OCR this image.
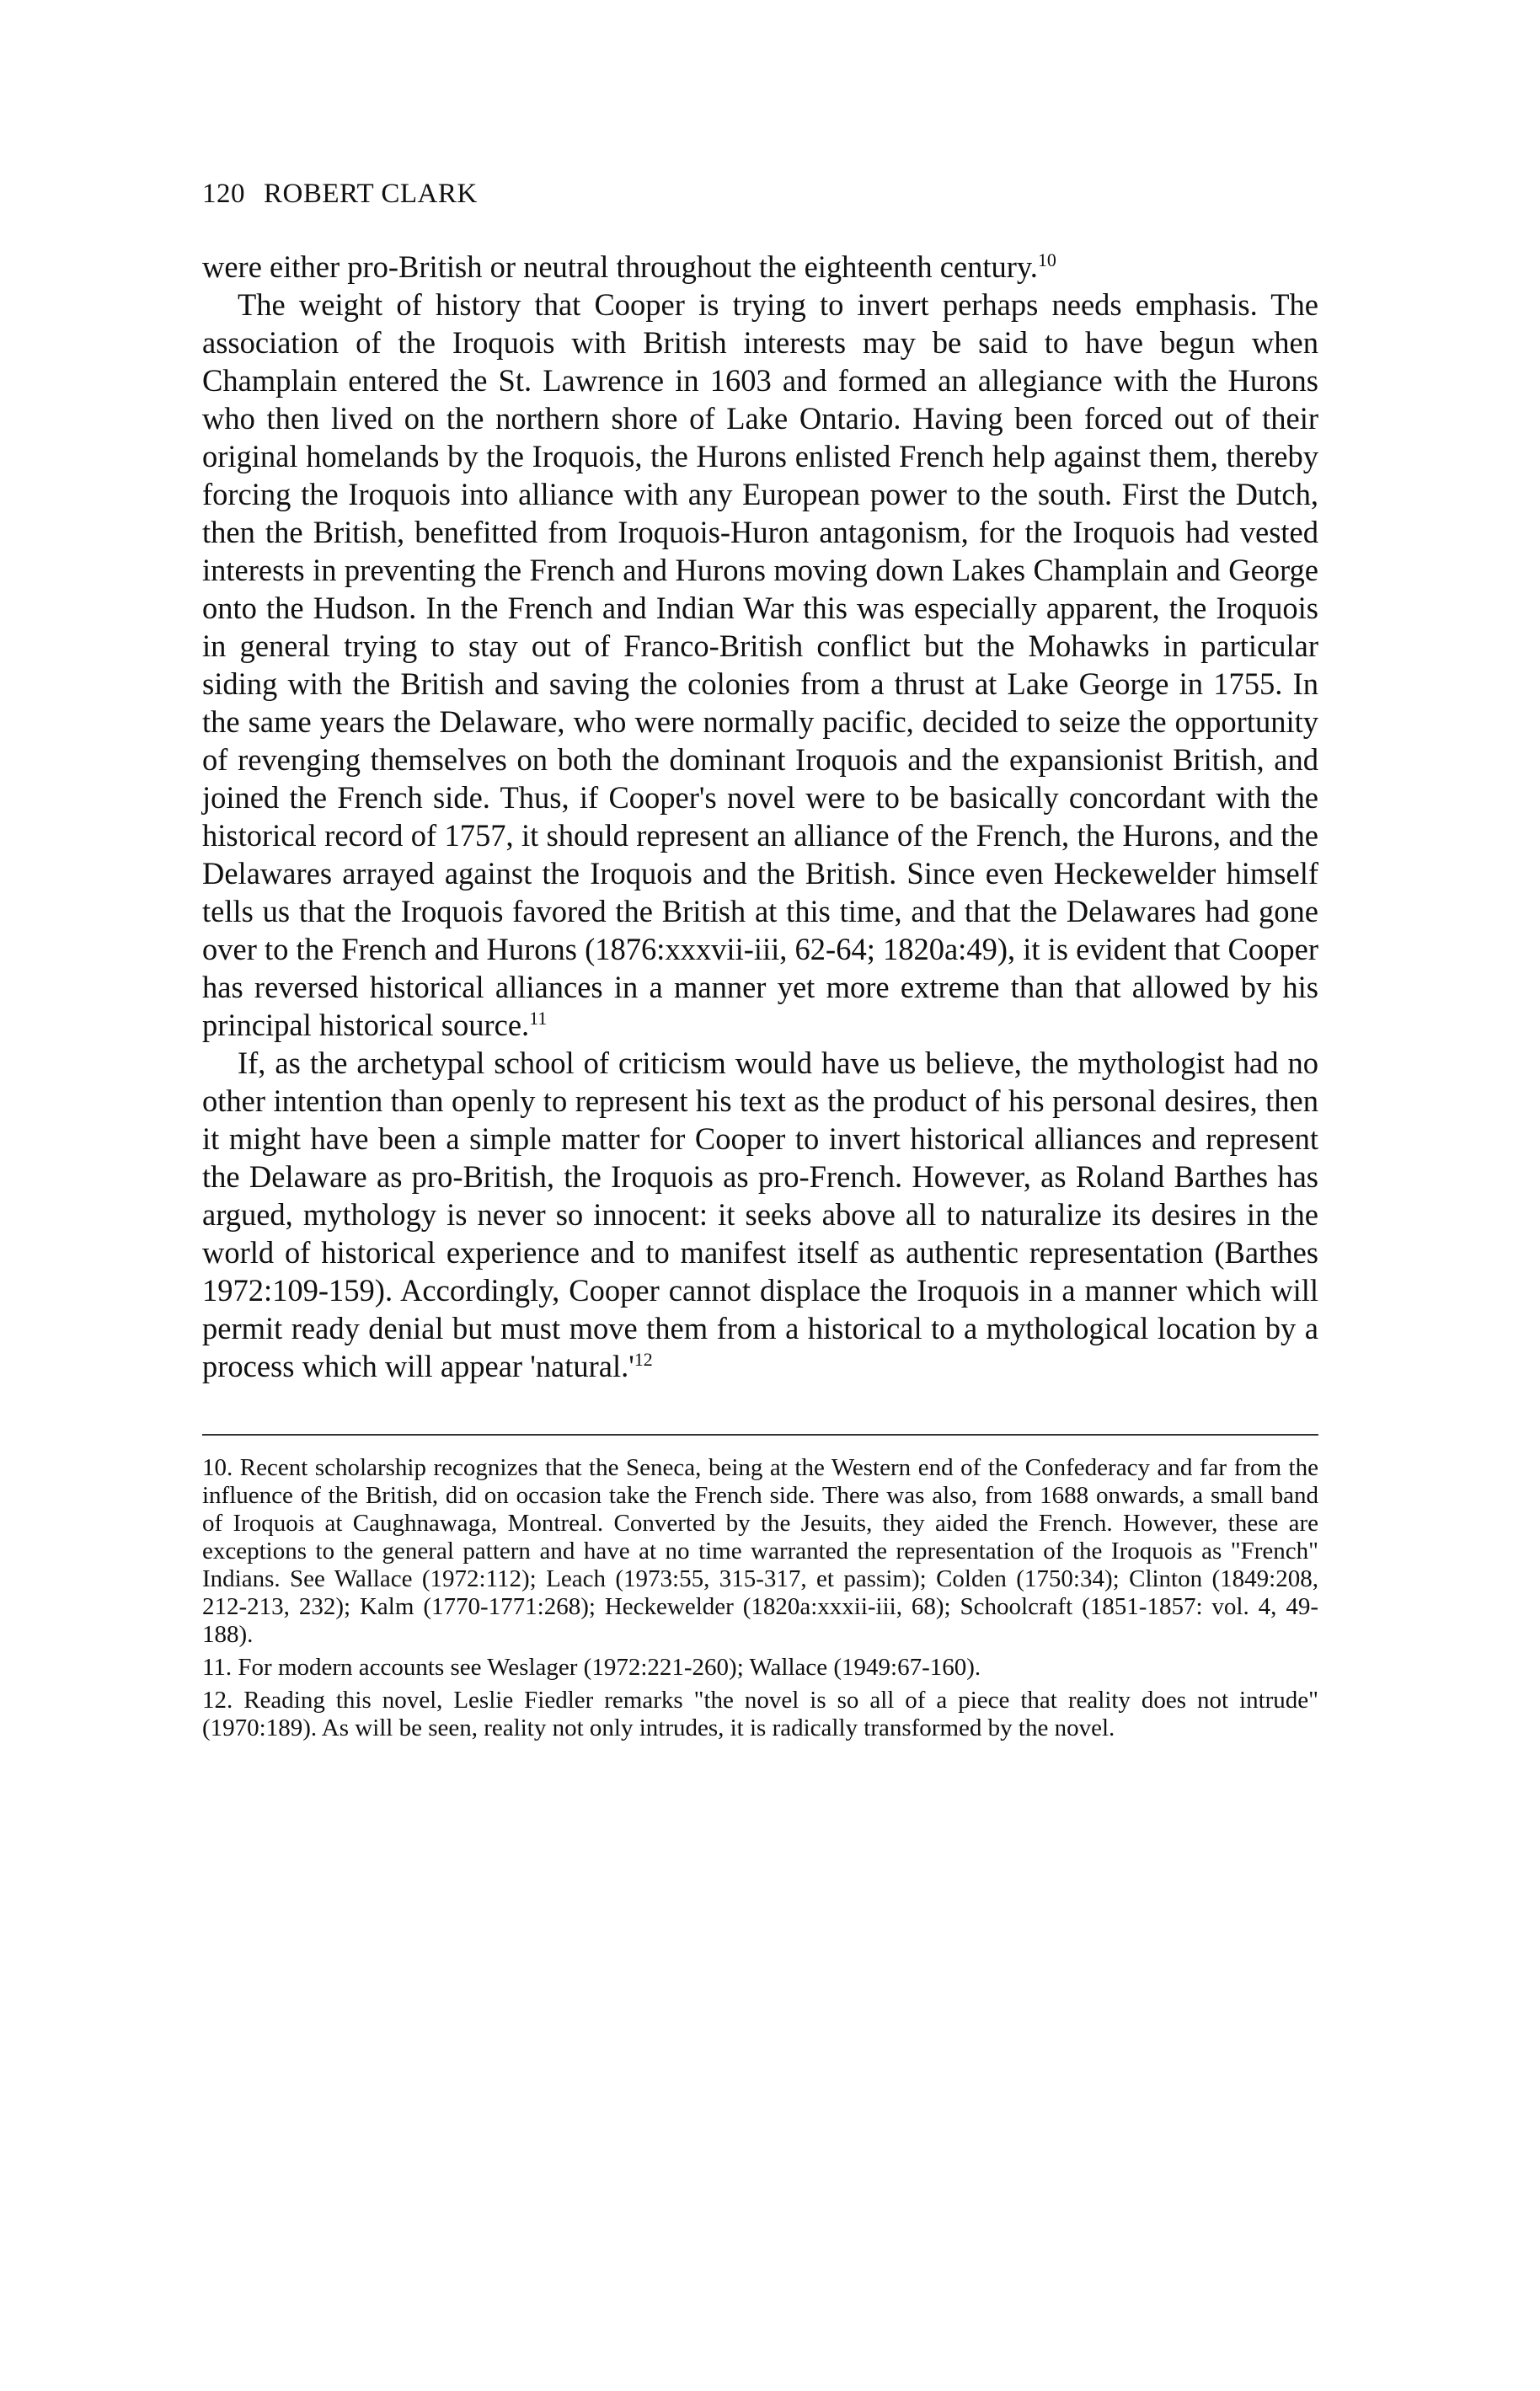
120 ROBERT CLARK

were either pro-British or neutral throughout the eighteenth century.$^{10}$

The weight of history that Cooper is trying to invert perhaps needs emphasis. The association of the Iroquois with British interests may be said to have begun when Champlain entered the St. Lawrence in 1603 and formed an allegiance with the Hurons who then lived on the northern shore of Lake Ontario. Having been forced out of their original homelands by the Iroquois, the Hurons enlisted French help against them, thereby forcing the Iroquois into alliance with any European power to the south. First the Dutch, then the British, benefitted from Iroquois-Huron antagonism, for the Iroquois had vested interests in preventing the French and Hurons moving down Lakes Champlain and George onto the Hudson. In the French and Indian War this was especially apparent, the Iroquois in general trying to stay out of Franco-British conflict but the Mohawks in particular siding with the British and saving the colonies from a thrust at Lake George in 1755. In the same years the Delaware, who were normally pacific, decided to seize the opportunity of revenging themselves on both the dominant Iroquois and the expansionist British, and joined the French side. Thus, if Cooper's novel were to be basically concordant with the historical record of 1757, it should represent an alliance of the French, the Hurons, and the Delawares arrayed against the Iroquois and the British. Since even Heckewelder himself tells us that the Iroquois favored the British at this time, and that the Delawares had gone over to the French and Hurons (1876:xxxvii-iii, 62-64; 1820a:49), it is evident that Cooper has reversed historical alliances in a manner yet more extreme than that allowed by his principal historical source.$^{11}$

If, as the archetypal school of criticism would have us believe, the mythologist had no other intention than openly to represent his text as the product of his personal desires, then it might have been a simple matter for Cooper to invert historical alliances and represent the Delaware as pro-British, the Iroquois as pro-French. However, as Roland Barthes has argued, mythology is never so innocent: it seeks above all to naturalize its desires in the world of historical experience and to manifest itself as authentic representation (Barthes 1972:109-159). Accordingly, Cooper cannot displace the Iroquois in a manner which will permit ready denial but must move them from a historical to a mythological location by a process which will appear '$natural.'^{12}$

10. Recent scholarship recognizes that the Seneca, being at the Western end of the Confederacy and far from the influence of the British, did on occasion take the French side. There was also, from 1688 onwards, a small band of Iroquois at Caughnawaga, Montreal. Converted by the Jesuits, they aided the French. However, these are exceptions to the general pattern and have at no time warranted the representation of the Iroquois as "French" Indians. See Wallace (1972:112); Leach (1973:55, 315-317, et passim); Colden (1750:34); Clinton (1849:208, 212-213, 232); Kalm (1770-1771:268); Heckewelder (1820a:xxxii-iii, 68); Schoolcraft (1851-1857: vol. 4, 49-188).

11. For modern accounts see Weslager (1972:221-260); Wallace (1949:67-160).

12. Reading this novel, Leslie Fiedler remarks "the novel is so all of a piece that reality does not intrude" (1970:189). As will be seen, reality not only intrudes, it is radically transformed by the novel.
